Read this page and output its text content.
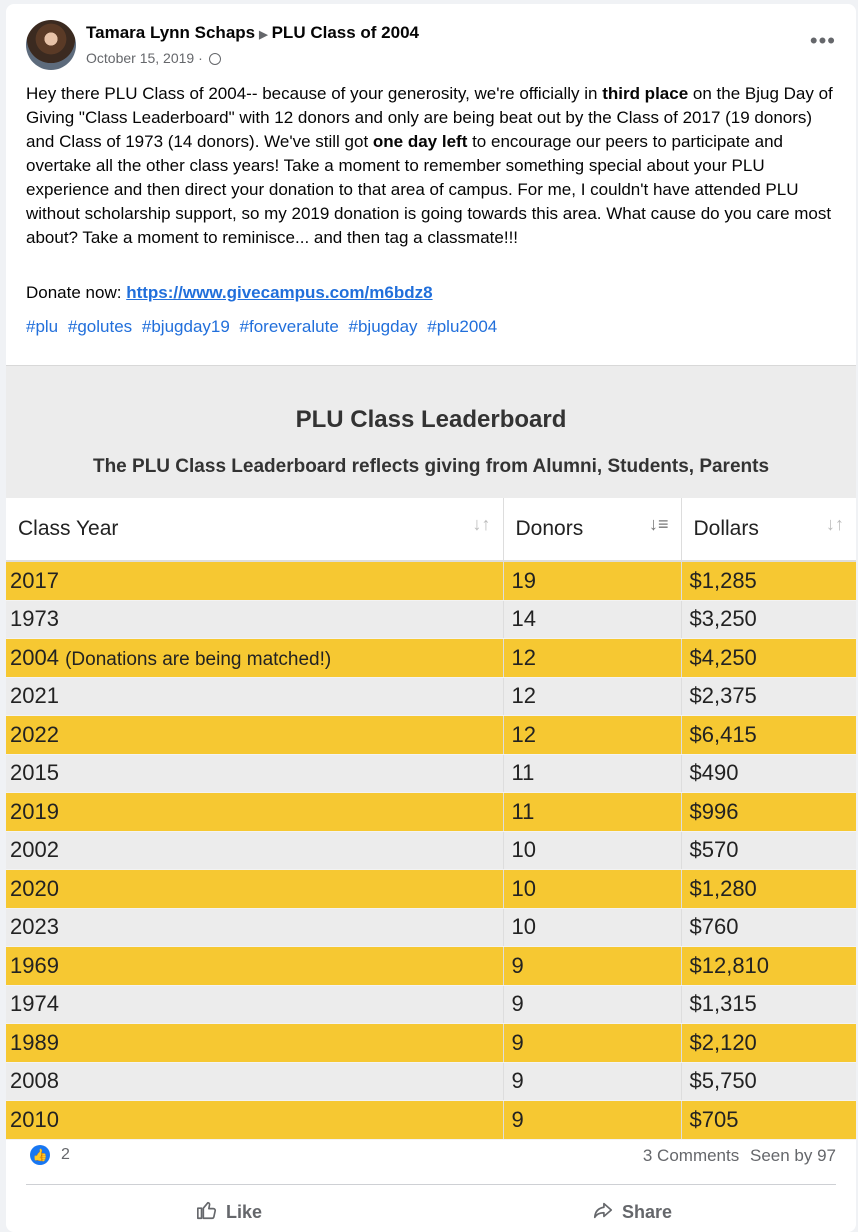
Tamara Lynn Schaps ▶ PLU Class of 2004
October 15, 2019 ·
•••

Hey there PLU Class of 2004-- because of your generosity, we're officially in third place on the Bjug Day of Giving "Class Leaderboard" with 12 donors and only are being beat out by the Class of 2017 (19 donors) and Class of 1973 (14 donors). We've still got one day left to encourage our peers to participate and overtake all the other class years! Take a moment to remember something special about your PLU experience and then direct your donation to that area of campus. For me, I couldn't have attended PLU without scholarship support, so my 2019 donation is going towards this area. What cause do you care most about? Take a moment to reminisce... and then tag a classmate!!!

Donate now: https://www.givecampus.com/m6bdz8
#plu #golutes #bjugday19 #foreveralute #bjugday #plu2004
PLU Class Leaderboard
The PLU Class Leaderboard reflects giving from Alumni, Students, Parents
Class Year ↓↑	Donors ↓≡	Dollars ↓↑

2017	19	$1,285
1973	14	$3,250
2004 (Donations are being matched!)	12	$4,250
2021	12	$2,375
2022	12	$6,415
2015	11	$490
2019	11	$996
2002	10	$570
2020	10	$1,280
2023	10	$760
1969	9	$12,810
1974	9	$1,315
1989	9	$2,120
2008	9	$5,750
2010	9	$705
👍 2	3 Comments Seen by 97
Like	Share
